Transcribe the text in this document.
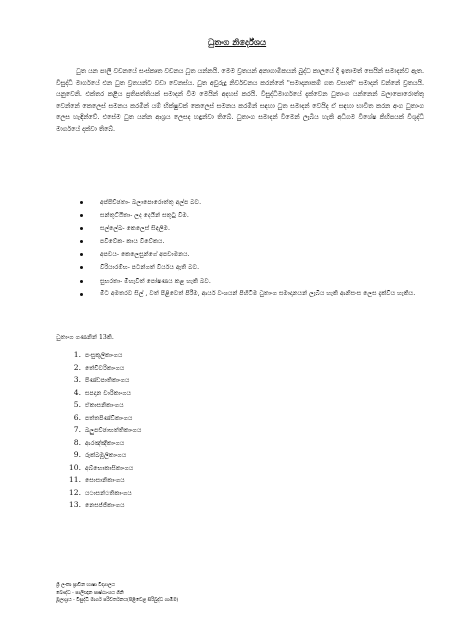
ධුතංග නිර්දේශය

ධුත යන පාලි වචනයේ සංස්කෘත වචනය ධූත යන්නයි. මෙම ව්‍රතයන් අනාගාමිකයන් බුද්ධ කාලයේ දී ඉතාමත් සෙයින් සමාදන්ව ඇත. විසුද්ධි මාර්ගයේ එන ධුත ව්‍රතයන්ට වඩා වෙනස්ය. ධුත අවුරුදු නිර්වචනය කරන්නේ "සමාදානාකම් ගත වසාත්" සමාදන් වන්නේ ව්‍රතයයි. යනුවෙනි. එක්තර කළීය ප්‍රතිපත්තියක් සමාදන් වීම මෙයින් අදහස් කරයි. විසුද්ධිමාර්ගයේ දැක්වෙන ධුතාංග යන්නෙන් බලාපොරොත්තු වෙන්නේ කෙලෙස් සමනය කරමින් යම් භික්ෂුවක් කෙලෙස් සමනය කරමින් සඳහා ධුත සමාදන් වෙයිද ඒ සඳහා භාවිත කරන අංග ධුතාංග ලෙස හැඳින්වේ. එසේම ධුත යන්න ආශ්‍රය ලෙසද හඳුන්වා තිබේ. ධුතාංග සමාදන් වීමෙන් ලැබිය හැකි අධිගම විශේෂ කිහිපයක් විශුද්ධි මාර්ගයේ දක්වා තිබේ.

අප්පිච්ඡතා- බලාපොරොත්තු අල්ප බව.
සන්තුට්ඨිතා- ලද දෙයින් සතුටු වීම.
සල්ලේඛ- කෙලෙස් සිඳලීම.
පවිවේක- කාය විවේකය.
අපචය- කෙලෙසුන්ගේ අපචාමනය.
විරියාරම්භ- පටන්ගත් වීර්යය ඇති බව.
සුභරතා- මිහැවිත් පෝෂණය කළ හැකි බව.
මීට අමතරව සිල් , වත් පිළිවෙත් පිරීම, ආර්ය වංශයන් පිහිටීම ධුතාංග සමාදානයන් ලැබිය හැකි ආනිසංස ලෙස දැක්විය හැකිය.
ධුතාංග ගණනින් 13කි.
1. පංසුකූලිකාංගය
2. තේචීවරිකාංගය
3. පිණ්ඩපාතිකාංගය
4. සපදාන චාරිකාංගය
5. ඒකාසනිකාංගය
6. පත්තපිණ්ඩිකාංගය
7. ඛලුපච්ඡාභත්තිකාංගය
8. ආරඤ්ඤිකාංගය
9. රුක්ඛමූලිකාංගය
10. අබ්භොකාසිකාංගය
11. සොසානිකාංගය
12. යථාසන්ථතිකාංගය
13. නෙසජ්ජිකාංගය
ශ්‍රී ලංකා ප්‍රාචීන භාෂා විද්‍යාලය
බෞද්ධ - පාලිඥාන පෘෂ්ඨාංශය ගිනි
මූලාශ්‍රය - විසුද්ධි මාර්ග පරිවර්තනය(පිළිවෙළ සිරිබුද්ධ ගාමිම)
